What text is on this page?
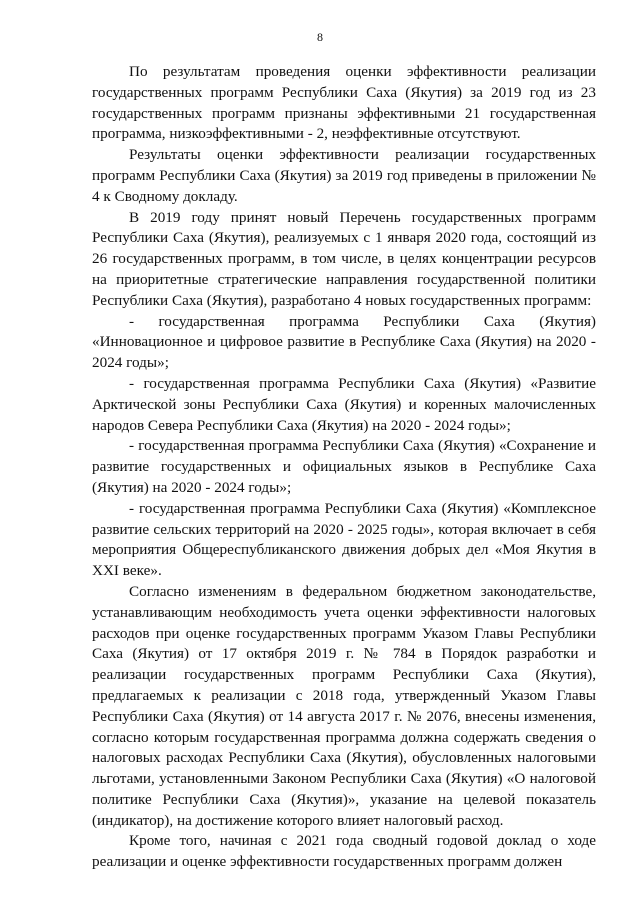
8

По результатам проведения оценки эффективности реализации государственных программ Республики Саха (Якутия) за 2019 год из 23 государственных программ признаны эффективными 21 государственная программа, низкоэффективными - 2, неэффективные отсутствуют.

Результаты оценки эффективности реализации государственных программ Республики Саха (Якутия) за 2019 год приведены в приложении № 4 к Сводному докладу.

В 2019 году принят новый Перечень государственных программ Республики Саха (Якутия), реализуемых с 1 января 2020 года, состоящий из 26 государственных программ, в том числе, в целях концентрации ресурсов на приоритетные стратегические направления государственной политики Республики Саха (Якутия), разработано 4 новых государственных программ:

- государственная программа Республики Саха (Якутия) «Инновационное и цифровое развитие в Республике Саха (Якутия) на 2020 - 2024 годы»;

- государственная программа Республики Саха (Якутия) «Развитие Арктической зоны Республики Саха (Якутия) и коренных малочисленных народов Севера Республики Саха (Якутия) на 2020 - 2024 годы»;

- государственная программа Республики Саха (Якутия) «Сохранение и развитие государственных и официальных языков в Республике Саха (Якутия) на 2020 - 2024 годы»;

- государственная программа Республики Саха (Якутия) «Комплексное развитие сельских территорий на 2020 - 2025 годы», которая включает в себя мероприятия Общереспубликанского движения добрых дел «Моя Якутия в XXI веке».

Согласно изменениям в федеральном бюджетном законодательстве, устанавливающим необходимость учета оценки эффективности налоговых расходов при оценке государственных программ Указом Главы Республики Саха (Якутия) от 17 октября 2019 г. № 784 в Порядок разработки и реализации государственных программ Республики Саха (Якутия), предлагаемых к реализации с 2018 года, утвержденный Указом Главы Республики Саха (Якутия) от 14 августа 2017 г. № 2076, внесены изменения, согласно которым государственная программа должна содержать сведения о налоговых расходах Республики Саха (Якутия), обусловленных налоговыми льготами, установленными Законом Республики Саха (Якутия) «О налоговой политике Республики Саха (Якутия)», указание на целевой показатель (индикатор), на достижение которого влияет налоговый расход.

Кроме того, начиная с 2021 года сводный годовой доклад о ходе реализации и оценке эффективности государственных программ должен
